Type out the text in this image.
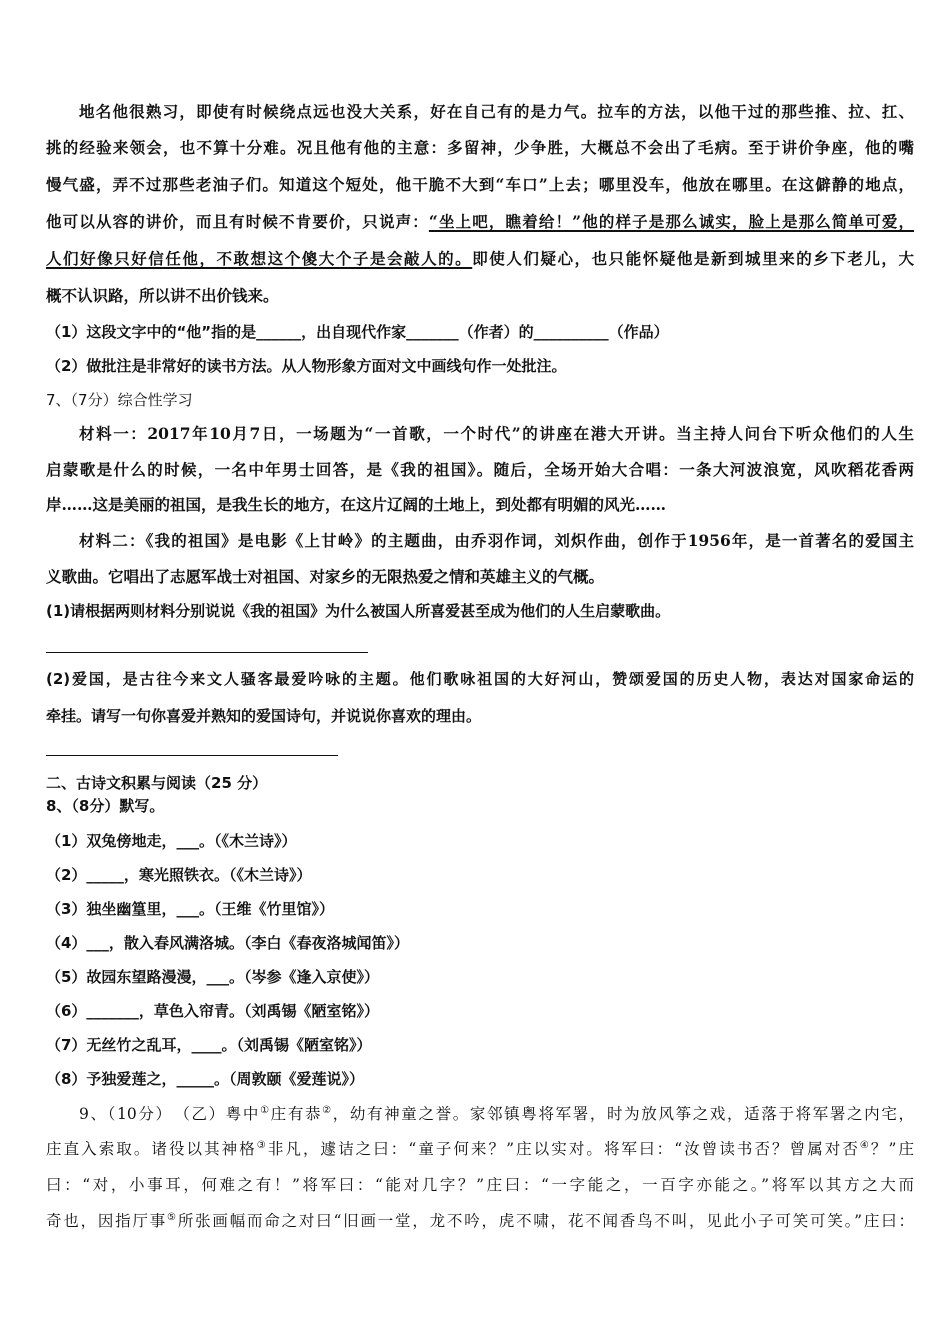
地名他很熟习，即使有时候绕点远也没大关系，好在自己有的是力气。拉车的方法，以他干过的那些推、拉、扛、
挑的经验来领会，也不算十分难。况且他有他的主意：多留神，少争胜，大概总不会出了毛病。至于讲价争座，他的嘴
慢气盛，弄不过那些老油子们。知道这个短处，他干脆不大到“车口”上去；哪里没车，他放在哪里。在这僻静的地点，
他可以从容的讲价，而且有时候不肯要价，只说声：“坐上吧，瞧着给！”他的样子是那么诚实，脸上是那么简单可爱，
人们好像只好信任他，不敢想这个傻大个子是会敲人的。即使人们疑心，也只能怀疑他是新到城里来的乡下老儿，大
概不认识路，所以讲不出价钱来。
（1）这段文字中的“他”指的是______，出自现代作家_______（作者）的__________（作品）
（2）做批注是非常好的读书方法。从人物形象方面对文中画线句作一处批注。
7、（7分）综合性学习
材料一：2017年10月7日，一场题为“一首歌，一个时代”的讲座在港大开讲。当主持人问台下听众他们的人生
启蒙歌是什么的时候，一名中年男士回答，是《我的祖国》。随后，全场开始大合唱：一条大河波浪宽，风吹稻花香两
岸……这是美丽的祖国，是我生长的地方，在这片辽阔的土地上，到处都有明媚的风光……
材料二：《我的祖国》是电影《上甘岭》的主题曲，由乔羽作词，刘炽作曲，创作于1956年，是一首著名的爱国主
义歌曲。它唱出了志愿军战士对祖国、对家乡的无限热爱之情和英雄主义的气概。
(1)请根据两则材料分别说说《我的祖国》为什么被国人所喜爱甚至成为他们的人生启蒙歌曲。
(2)爱国，是古往今来文人骚客最爱吟咏的主题。他们歌咏祖国的大好河山，赞颂爱国的历史人物，表达对国家命运的
牵挂。请写一句你喜爱并熟知的爱国诗句，并说说你喜欢的理由。
二、古诗文积累与阅读（25 分）
8、（8分）默写。
（1）双兔傍地走，___。（《木兰诗》）
（2）_____，寒光照铁衣。（《木兰诗》）
（3）独坐幽篁里，___。（王维《竹里馆》）
（4）___，散入春风满洛城。（李白《春夜洛城闻笛》）
（5）故园东望路漫漫，___。（岑参《逢入京使》）
（6）_______，草色入帘青。（刘禹锡《陋室铭》）
（7）无丝竹之乱耳，____。（刘禹锡《陋室铭》）
（8）予独爱莲之，_____。（周敦颐《爱莲说》）
9、（10分）　（乙）粤中①庄有恭②，幼有神童之誉。家邻镇粤将军署，时为放风筝之戏，适落于将军署之内宅，
庄直入索取。诸役以其神格③非凡，遽诘之曰：“童子何来？”庄以实对。将军曰：“汝曾读书否？曾属对否④？”庄
曰：“对，小事耳，何难之有！”将军曰：“能对几字？”庄曰：“一字能之，一百字亦能之。”将军以其方之大而
奇也，因指厅事⑤所张画幅而命之对曰“旧画一堂，龙不吟，虎不啸，花不闻香鸟不叫，见此小子可笑可笑。”庄曰：
